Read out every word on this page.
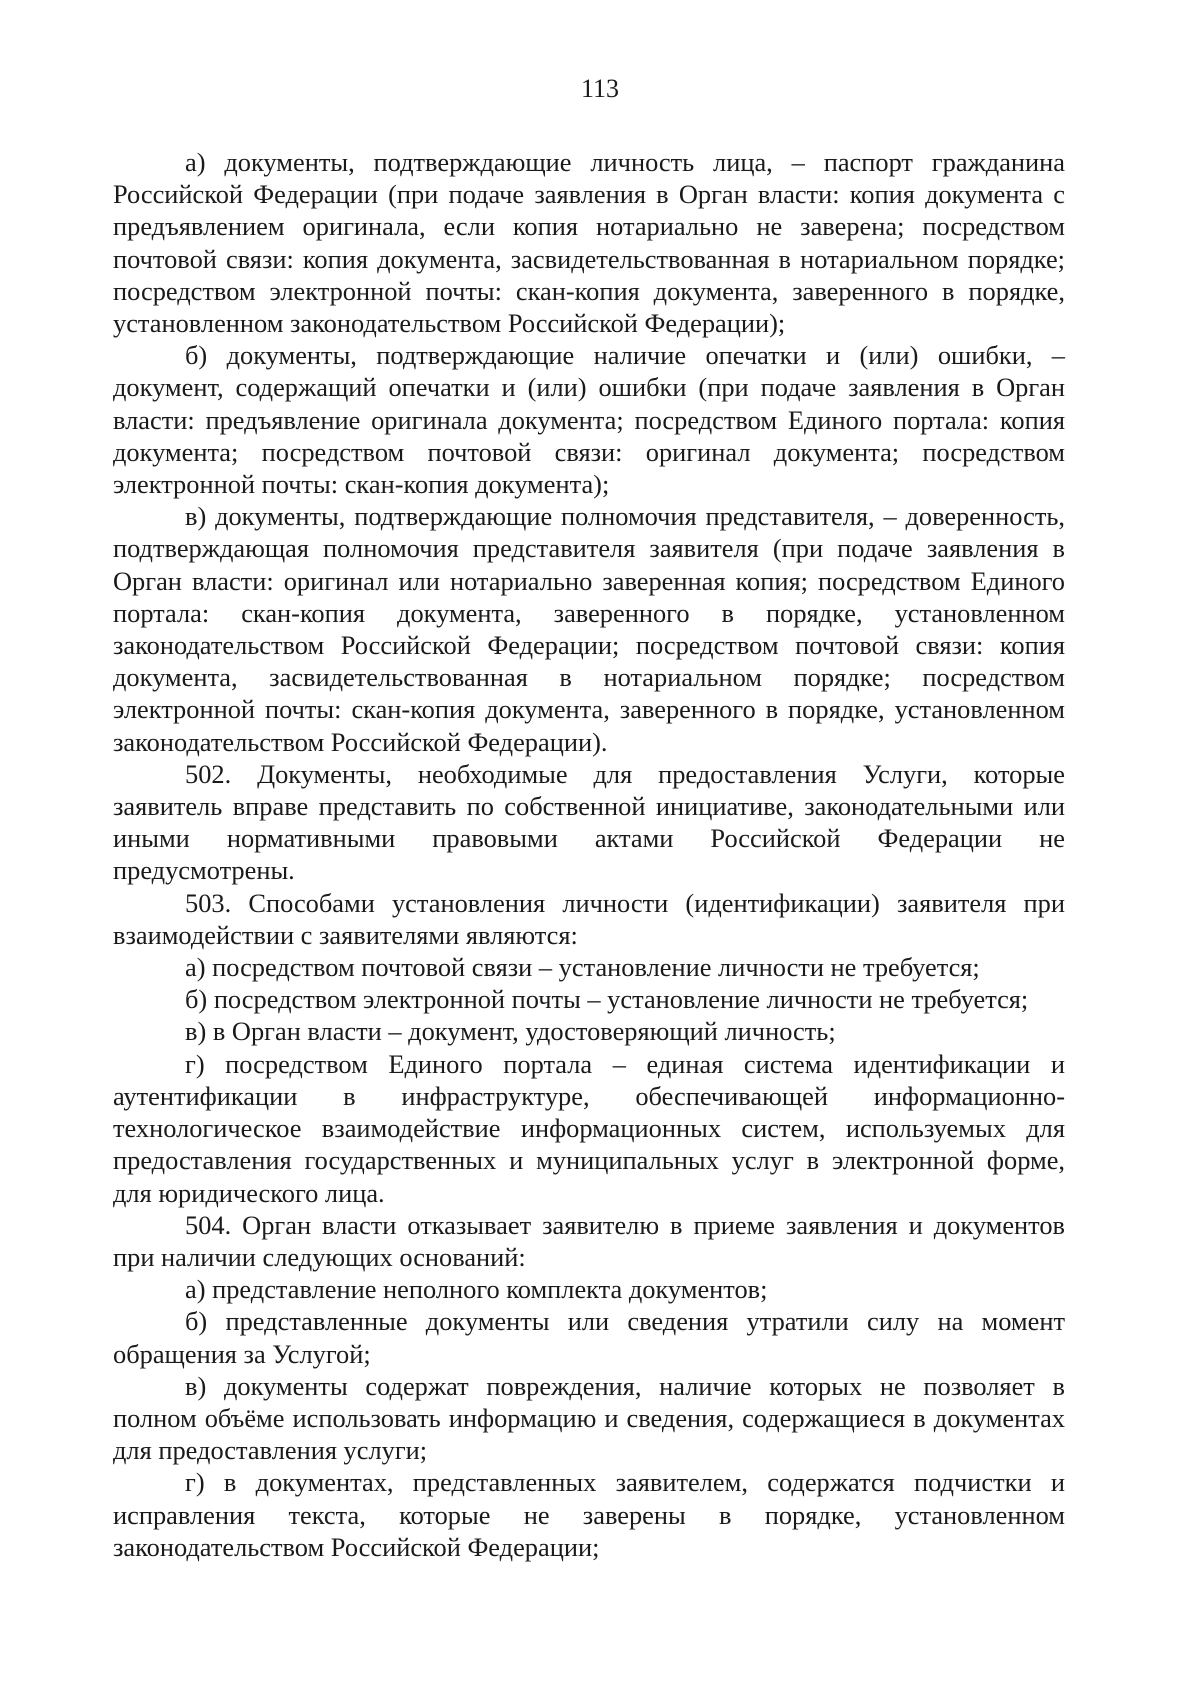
113

а) документы, подтверждающие личность лица, – паспорт гражданина Российской Федерации (при подаче заявления в Орган власти: копия документа с предъявлением оригинала, если копия нотариально не заверена; посредством почтовой связи: копия документа, засвидетельствованная в нотариальном порядке; посредством электронной почты: скан-копия документа, заверенного в порядке, установленном законодательством Российской Федерации);

б) документы, подтверждающие наличие опечатки и (или) ошибки, – документ, содержащий опечатки и (или) ошибки (при подаче заявления в Орган власти: предъявление оригинала документа; посредством Единого портала: копия документа; посредством почтовой связи: оригинал документа; посредством электронной почты: скан-копия документа);

в) документы, подтверждающие полномочия представителя, – доверенность, подтверждающая полномочия представителя заявителя (при подаче заявления в Орган власти: оригинал или нотариально заверенная копия; посредством Единого портала: скан-копия документа, заверенного в порядке, установленном законодательством Российской Федерации; посредством почтовой связи: копия документа, засвидетельствованная в нотариальном порядке; посредством электронной почты: скан-копия документа, заверенного в порядке, установленном законодательством Российской Федерации).

502. Документы, необходимые для предоставления Услуги, которые заявитель вправе представить по собственной инициативе, законодательными или иными нормативными правовыми актами Российской Федерации не предусмотрены.

503. Способами установления личности (идентификации) заявителя при взаимодействии с заявителями являются:

а) посредством почтовой связи – установление личности не требуется;

б) посредством электронной почты – установление личности не требуется;

в) в Орган власти – документ, удостоверяющий личность;

г) посредством Единого портала – единая система идентификации и аутентификации в инфраструктуре, обеспечивающей информационно-технологическое взаимодействие информационных систем, используемых для предоставления государственных и муниципальных услуг в электронной форме, для юридического лица.

504. Орган власти отказывает заявителю в приеме заявления и документов при наличии следующих оснований:

а) представление неполного комплекта документов;

б) представленные документы или сведения утратили силу на момент обращения за Услугой;

в) документы содержат повреждения, наличие которых не позволяет в полном объёме использовать информацию и сведения, содержащиеся в документах для предоставления услуги;

г) в документах, представленных заявителем, содержатся подчистки и исправления текста, которые не заверены в порядке, установленном законодательством Российской Федерации;
